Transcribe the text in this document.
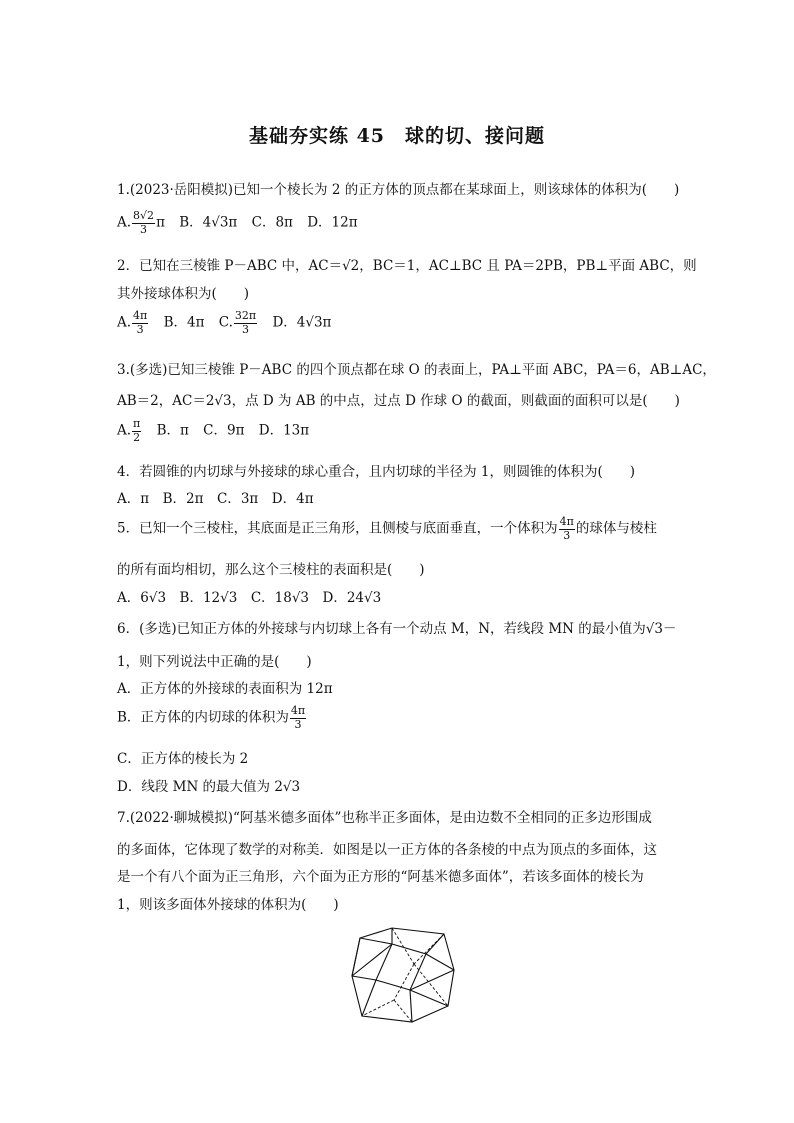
基础夯实练 45　球的切、接问题
1.(2023·岳阳模拟)已知一个棱长为 2 的正方体的顶点都在某球面上，则该球体的体积为(　　)
A. $\frac{8√2}{3}$ π B．4√3π C．8π D．12π
2．已知在三棱锥 P－ABC 中，AC＝√2，BC＝1，AC⊥BC 且 PA＝2PB，PB⊥平面 ABC，则
其外接球体积为(　　)
A. $\frac{4\pi}{3}$ B．4π C. $\frac{32\pi}{3}$ D．4√3π
3.(多选)已知三棱锥 P－ABC 的四个顶点都在球 O 的表面上，PA⊥平面 ABC，PA＝6，AB⊥AC，
AB＝2，AC＝2√3，点 D 为 AB 的中点，过点 D 作球 O 的截面，则截面的面积可以是(　　)
A. $\frac{\pi}{2}$ B．π C．9π D．13π
4．若圆锥的内切球与外接球的球心重合，且内切球的半径为 1，则圆锥的体积为(　　)
A．π　B．2π　C．3π　D．4π
5．已知一个三棱柱，其底面是正三角形，且侧棱与底面垂直，一个体积为 $\frac{4\pi}{3}$ 的球体与棱柱
的所有面均相切，那么这个三棱柱的表面积是(　　)
A．6√3　B．12√3　C．18√3　D．24√3
6．(多选)已知正方体的外接球与内切球上各有一个动点 M，N，若线段 MN 的最小值为√3－
1，则下列说法中正确的是(　　)
A．正方体的外接球的表面积为 12π
B．正方体的内切球的体积为 $\frac{4\pi}{3}$
C．正方体的棱长为 2
D．线段 MN 的最大值为 2√3
7.(2022·聊城模拟)“阿基米德多面体”也称半正多面体，是由边数不全相同的正多边形围成
的多面体，它体现了数学的对称美．如图是以一正方体的各条棱的中点为顶点的多面体，这
是一个有八个面为正三角形，六个面为正方形的“阿基米德多面体”，若该多面体的棱长为
1，则该多面体外接球的体积为(　　)
